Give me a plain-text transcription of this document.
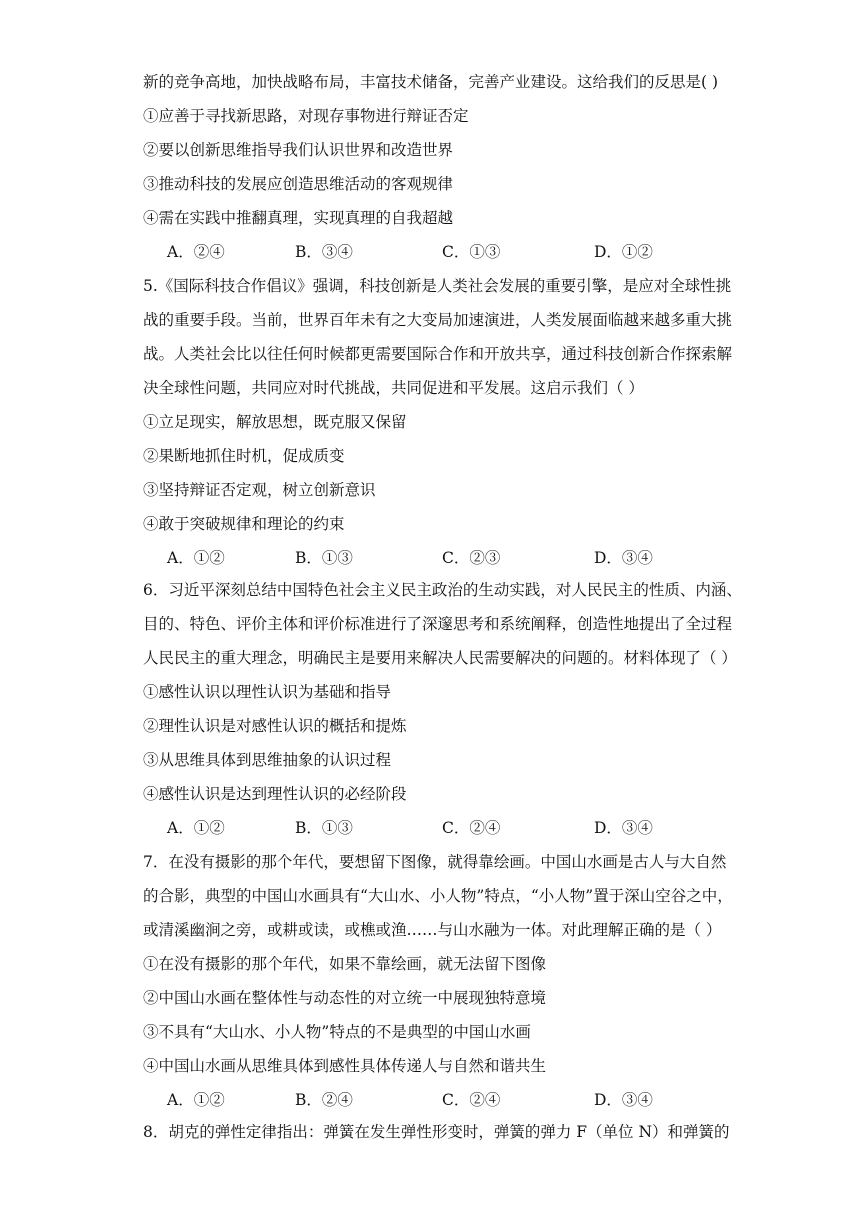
新的竞争高地，加快战略布局，丰富技术储备，完善产业建设。这给我们的反思是( )
①应善于寻找新思路，对现存事物进行辩证否定
②要以创新思维指导我们认识世界和改造世界
③推动科技的发展应创造思维活动的客观规律
④需在实践中推翻真理，实现真理的自我超越
A．②④	B．③④	C．①③	D．①②
5.《国际科技合作倡议》强调，科技创新是人类社会发展的重要引擎，是应对全球性挑
战的重要手段。当前，世界百年未有之大变局加速演进，人类发展面临越来越多重大挑
战。人类社会比以往任何时候都更需要国际合作和开放共享，通过科技创新合作探索解
决全球性问题，共同应对时代挑战，共同促进和平发展。这启示我们（ ）
①立足现实，解放思想，既克服又保留
②果断地抓住时机，促成质变
③坚持辩证否定观，树立创新意识
④敢于突破规律和理论的约束
A．①②	B．①③	C．②③	D．③④
6．习近平深刻总结中国特色社会主义民主政治的生动实践，对人民民主的性质、内涵、
目的、特色、评价主体和评价标准进行了深邃思考和系统阐释，创造性地提出了全过程
人民民主的重大理念，明确民主是要用来解决人民需要解决的问题的。材料体现了（ ）
①感性认识以理性认识为基础和指导
②理性认识是对感性认识的概括和提炼
③从思维具体到思维抽象的认识过程
④感性认识是达到理性认识的必经阶段
A．①②	B．①③	C．②④	D．③④
7．在没有摄影的那个年代，要想留下图像，就得靠绘画。中国山水画是古人与大自然
的合影，典型的中国山水画具有“大山水、小人物”特点，“小人物”置于深山空谷之中，
或清溪幽涧之旁，或耕或读，或樵或渔……与山水融为一体。对此理解正确的是（ ）
①在没有摄影的那个年代，如果不靠绘画，就无法留下图像
②中国山水画在整体性与动态性的对立统一中展现独特意境
③不具有“大山水、小人物”特点的不是典型的中国山水画
④中国山水画从思维具体到感性具体传递人与自然和谐共生
A．①②	B．②④	C．②④	D．③④
8．胡克的弹性定律指出：弹簧在发生弹性形变时，弹簧的弹力 F（单位 N）和弹簧的
